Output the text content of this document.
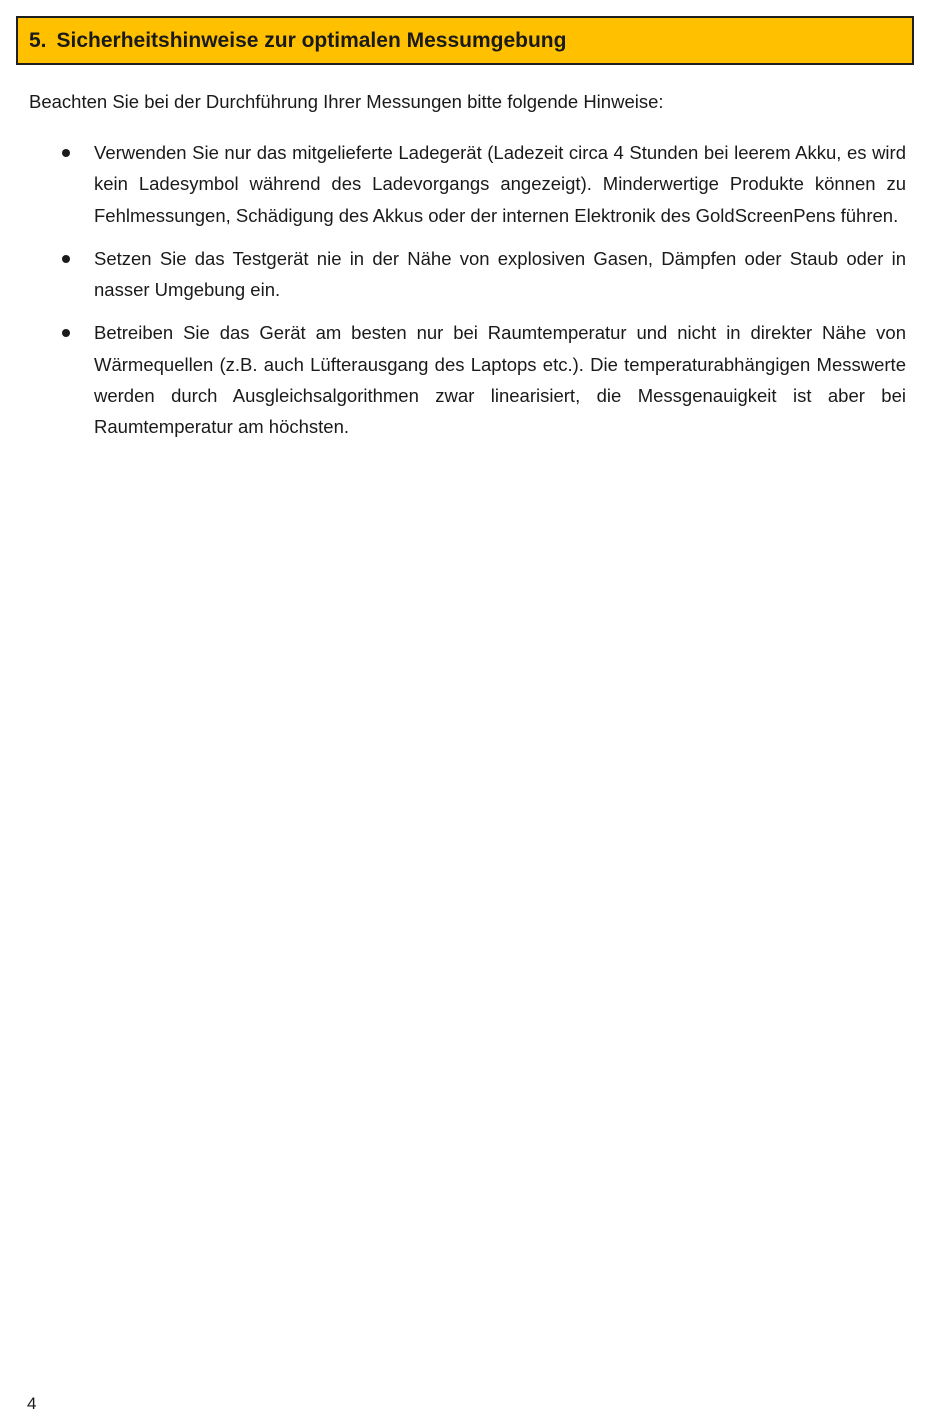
5. Sicherheitshinweise zur optimalen Messumgebung
Beachten Sie bei der Durchführung Ihrer Messungen bitte folgende Hinweise:
Verwenden Sie nur das mitgelieferte Ladegerät (Ladezeit circa 4 Stunden bei leerem Akku, es wird kein Ladesymbol während des Ladevorgangs angezeigt). Minderwertige Produkte können zu Fehlmessungen, Schädigung des Akkus oder der internen Elektronik des GoldScreenPens führen.
Setzen Sie das Testgerät nie in der Nähe von explosiven Gasen, Dämpfen oder Staub oder in nasser Umgebung ein.
Betreiben Sie das Gerät am besten nur bei Raumtemperatur und nicht in direkter Nähe von Wärmequellen (z.B. auch Lüfterausgang des Laptops etc.). Die temperaturabhängigen Messwerte werden durch Ausgleichsalgorithmen zwar linearisiert, die Messgenauigkeit ist aber bei Raumtemperatur am höchsten.
4
